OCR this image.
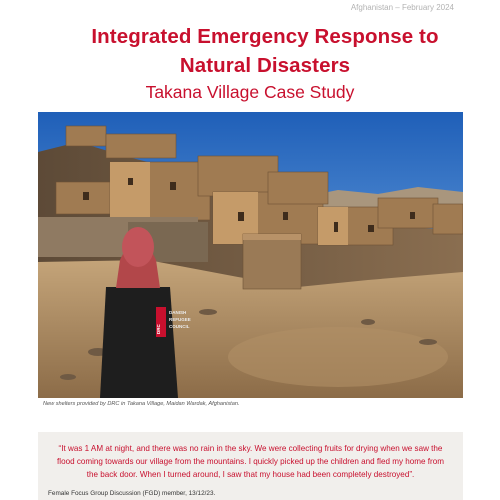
Afghanistan – February 2024
Integrated Emergency Response to
Natural Disasters
Takana Village Case Study
DANISH
REFUGEE
COUNCIL
DRC
New shelters provided by DRC in Takana Village, Maidan Wardak, Afghanistan.

“It was 1 AM at night, and there was no rain in the sky. We were collecting fruits for drying when we saw the flood coming towards our village from the mountains. I quickly picked up the children and fled my home from the back door. When I turned around, I saw that my house had been completely destroyed”.

Female Focus Group Discussion (FGD) member, 13/12/23.
